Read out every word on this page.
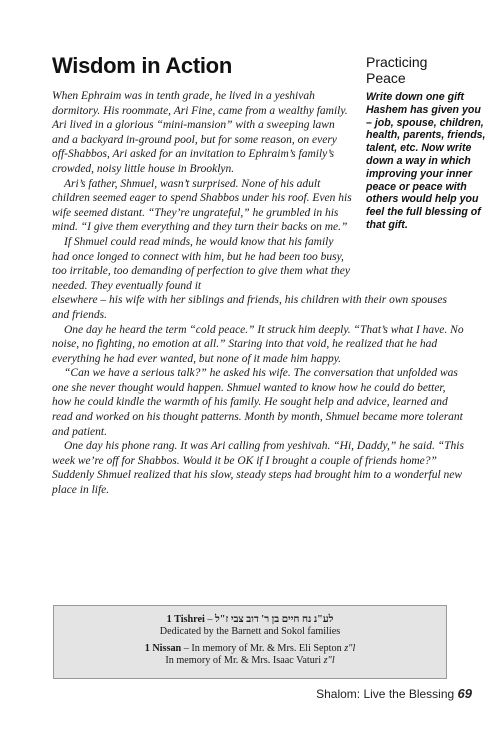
Wisdom in Action	Practicing
Peace
Write down one gift Hashem has given you – job, spouse, children, health, parents, friends, talent, etc. Now write down a way in which improving your inner peace or peace with others would help you feel the full blessing of that gift.

When Ephraim was in tenth grade, he lived in a yeshivah dormitory. His roommate, Ari Fine, came from a wealthy family. Ari lived in a glorious “mini-mansion” with a sweeping lawn and a backyard in-ground pool, but for some reason, on every off-Shabbos, Ari asked for an invitation to Ephraim’s family’s crowded, noisy little house in Brooklyn.

Ari’s father, Shmuel, wasn’t surprised. None of his adult children seemed eager to spend Shabbos under his roof. Even his wife seemed distant. “They’re ungrateful,” he grumbled in his mind. “I give them everything and they turn their backs on me.”

If Shmuel could read minds, he would know that his family had once longed to connect with him, but he had been too busy, too irritable, too demanding of perfection to give them what they needed. They eventually found it

elsewhere – his wife with her siblings and friends, his children with their own spouses and friends.

One day he heard the term “cold peace.” It struck him deeply. “That’s what I have. No noise, no fighting, no emotion at all.” Staring into that void, he realized that he had everything he had ever wanted, but none of it made him happy.

“Can we have a serious talk?” he asked his wife. The conversation that unfolded was one she never thought would happen. Shmuel wanted to know how he could do better, how he could kindle the warmth of his family. He sought help and advice, learned and read and worked on his thought patterns. Month by month, Shmuel became more tolerant and patient.

One day his phone rang. It was Ari calling from yeshivah. “Hi, Daddy,” he said. “This week we’re off for Shabbos. Would it be OK if I brought a couple of friends home?” Suddenly Shmuel realized that his slow, steady steps had brought him to a wonderful new place in life.

1 Tishrei – לע"נ נח חיים בן ר' דוב צבי ז"ל
Dedicated by the Barnett and Sokol families
1 Nissan – In memory of Mr. & Mrs. Eli Septon z"l
In memory of Mr. & Mrs. Isaac Vaturi z"l
Shalom: Live the Blessing 69
